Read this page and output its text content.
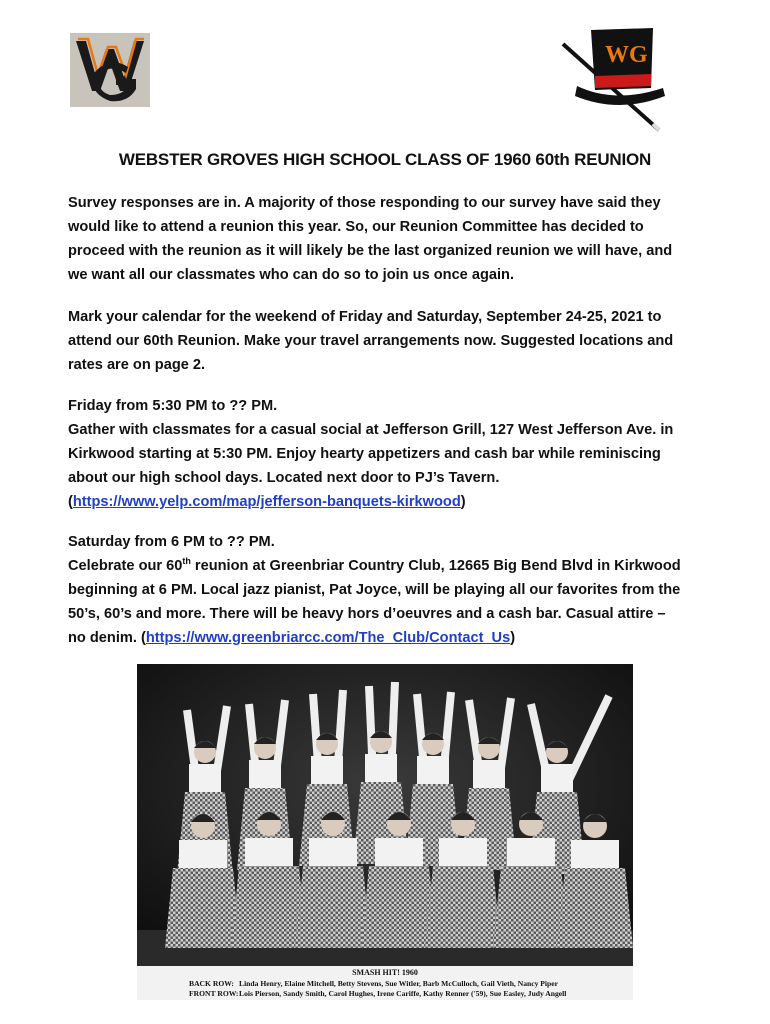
WG
WEBSTER GROVES HIGH SCHOOL CLASS OF 1960 60th REUNION
Survey responses are in. A majority of those responding to our survey have said they
would like to attend a reunion this year. So, our Reunion Committee has decided to
proceed with the reunion as it will likely be the last organized reunion we will have, and
we want all our classmates who can do so to join us once again.
Mark your calendar for the weekend of Friday and Saturday, September 24-25, 2021 to
attend our 60th Reunion. Make your travel arrangements now. Suggested locations and
rates are on page 2.
Friday from 5:30 PM to ?? PM.
Gather with classmates for a casual social at Jefferson Grill, 127 West Jefferson Ave. in
Kirkwood starting at 5:30 PM. Enjoy hearty appetizers and cash bar while reminiscing
about our high school days. Located next door to PJ’s Tavern.
(https://www.yelp.com/map/jefferson-banquets-kirkwood)
Saturday from 6 PM to ?? PM.
Celebrate our 60th reunion at Greenbriar Country Club, 12665 Big Bend Blvd in Kirkwood
beginning at 6 PM. Local jazz pianist, Pat Joyce, will be playing all our favorites from the
50’s, 60’s and more. There will be heavy hors d’oeuvres and a cash bar. Casual attire –
no denim. (https://www.greenbriarcc.com/The_Club/Contact_Us)
SMASH HIT! 1960
BACK ROW: Linda Henry, Elaine Mitchell, Betty Stevens, Sue Witler, Barb McCulloch, Gail Vieth, Nancy Piper
FRONT ROW:Lois Pierson, Sandy Smith, Carol Hughes, Irene Cariffe, Kathy Renner ('59), Sue Easley, Judy Angell
